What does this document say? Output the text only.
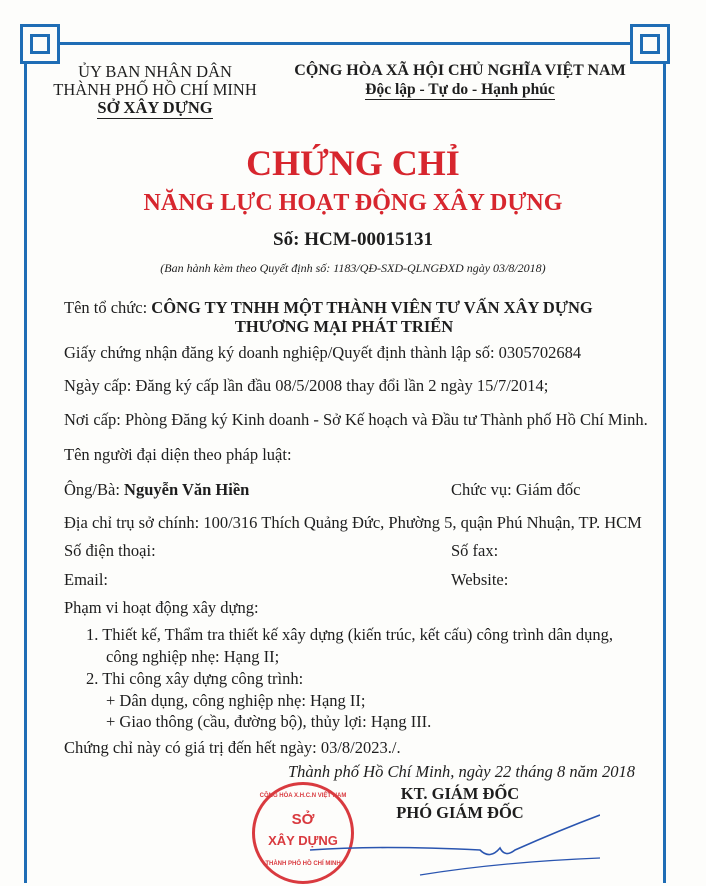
ỦY BAN NHÂN DÂN
THÀNH PHỐ HỒ CHÍ MINH
SỞ XÂY DỰNG
CỘNG HÒA XÃ HỘI CHỦ NGHĨA VIỆT NAM
Độc lập - Tự do - Hạnh phúc
CHỨNG CHỈ
NĂNG LỰC HOẠT ĐỘNG XÂY DỰNG
Số: HCM-00015131
(Ban hành kèm theo Quyết định số: 1183/QĐ-SXD-QLNGĐXD ngày 03/8/2018)
Tên tổ chức: CÔNG TY TNHH MỘT THÀNH VIÊN TƯ VẤN XÂY DỰNG
THƯƠNG MẠI PHÁT TRIỂN
Giấy chứng nhận đăng ký doanh nghiệp/Quyết định thành lập số: 0305702684
Ngày cấp: Đăng ký cấp lần đầu 08/5/2008 thay đổi lần 2 ngày 15/7/2014;
Nơi cấp: Phòng Đăng ký Kinh doanh - Sở Kế hoạch và Đầu tư Thành phố Hồ Chí Minh.
Tên người đại diện theo pháp luật:
Ông/Bà: Nguyễn Văn Hiền	Chức vụ: Giám đốc
Địa chỉ trụ sở chính: 100/316 Thích Quảng Đức, Phường 5, quận Phú Nhuận, TP. HCM
Số điện thoại:	Số fax:
Email:	Website:
Phạm vi hoạt động xây dựng:
1. Thiết kế, Thẩm tra thiết kế xây dựng (kiến trúc, kết cấu) công trình dân dụng,
công nghiệp nhẹ: Hạng II;
2. Thi công xây dựng công trình:
+ Dân dụng, công nghiệp nhẹ: Hạng II;
+ Giao thông (cầu, đường bộ), thủy lợi: Hạng III.
Chứng chỉ này có giá trị đến hết ngày: 03/8/2023./.
Thành phố Hồ Chí Minh, ngày 22 tháng 8 năm 2018
KT. GIÁM ĐỐC
PHÓ GIÁM ĐỐC
CỘNG HÒA X.H.C.N VIỆT NAM
SỞ
XÂY DỰNG
THÀNH PHỐ HỒ CHÍ MINH
